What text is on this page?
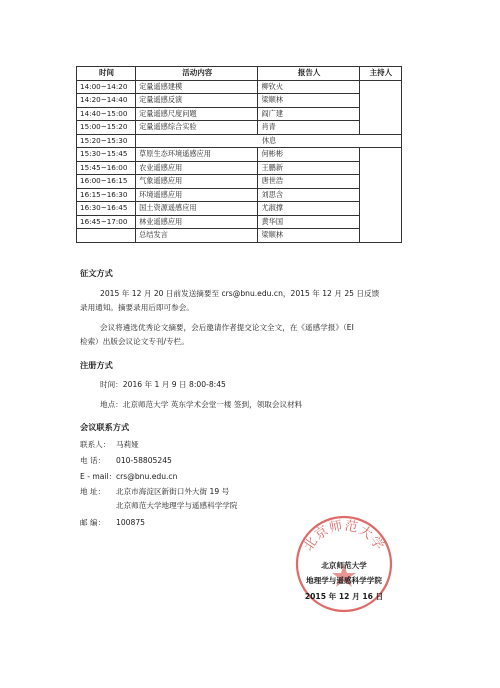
时间	活动内容	报告人	主持人
14:00~14:20	定量遥感建模	柳钦火	
14:20~14:40	定量遥感反演	梁顺林	
14:40~15:00	定量遥感尺度问题	阎广建	
15:00~15:20	定量遥感综合实验	肖青	
15:20~15:30	休息		
15:30~15:45	草原生态环境遥感应用	何彬彬	
15:45~16:00	农业遥感应用	王鹏新	
16:00~16:15	气象遥感应用	唐世浩	
16:15~16:30	环境遥感应用	刘思含	
16:30~16:45	国土资源遥感应用	尤淑撑	
16:45~17:00	林业遥感应用	黄华国	
	总结发言	梁顺林	
征文方式
2015 年 12 月 20 日前发送摘要至 crs@bnu.edu.cn，2015 年 12 月 25 日反馈
录用通知。摘要录用后即可参会。
会议将遴选优秀论文摘要，会后邀请作者提交论文全文，在《遥感学报》（EI
检索）出版会议论文专刊/专栏。
注册方式
时间：2016 年 1 月 9 日 8:00-8:45
地点：北京师范大学 英东学术会堂一楼 签到，领取会议材料
会议联系方式
联系人： 马莉娅
电 话： 010-58805245
E - mail：crs@bnu.edu.cn
地 址： 北京市海淀区新街口外大街 19 号
北京师范大学地理学与遥感科学学院
邮 编： 100875
北京师范大学
北京师范大学
地理学与遥感科学学院
2015 年 12 月 16 日
